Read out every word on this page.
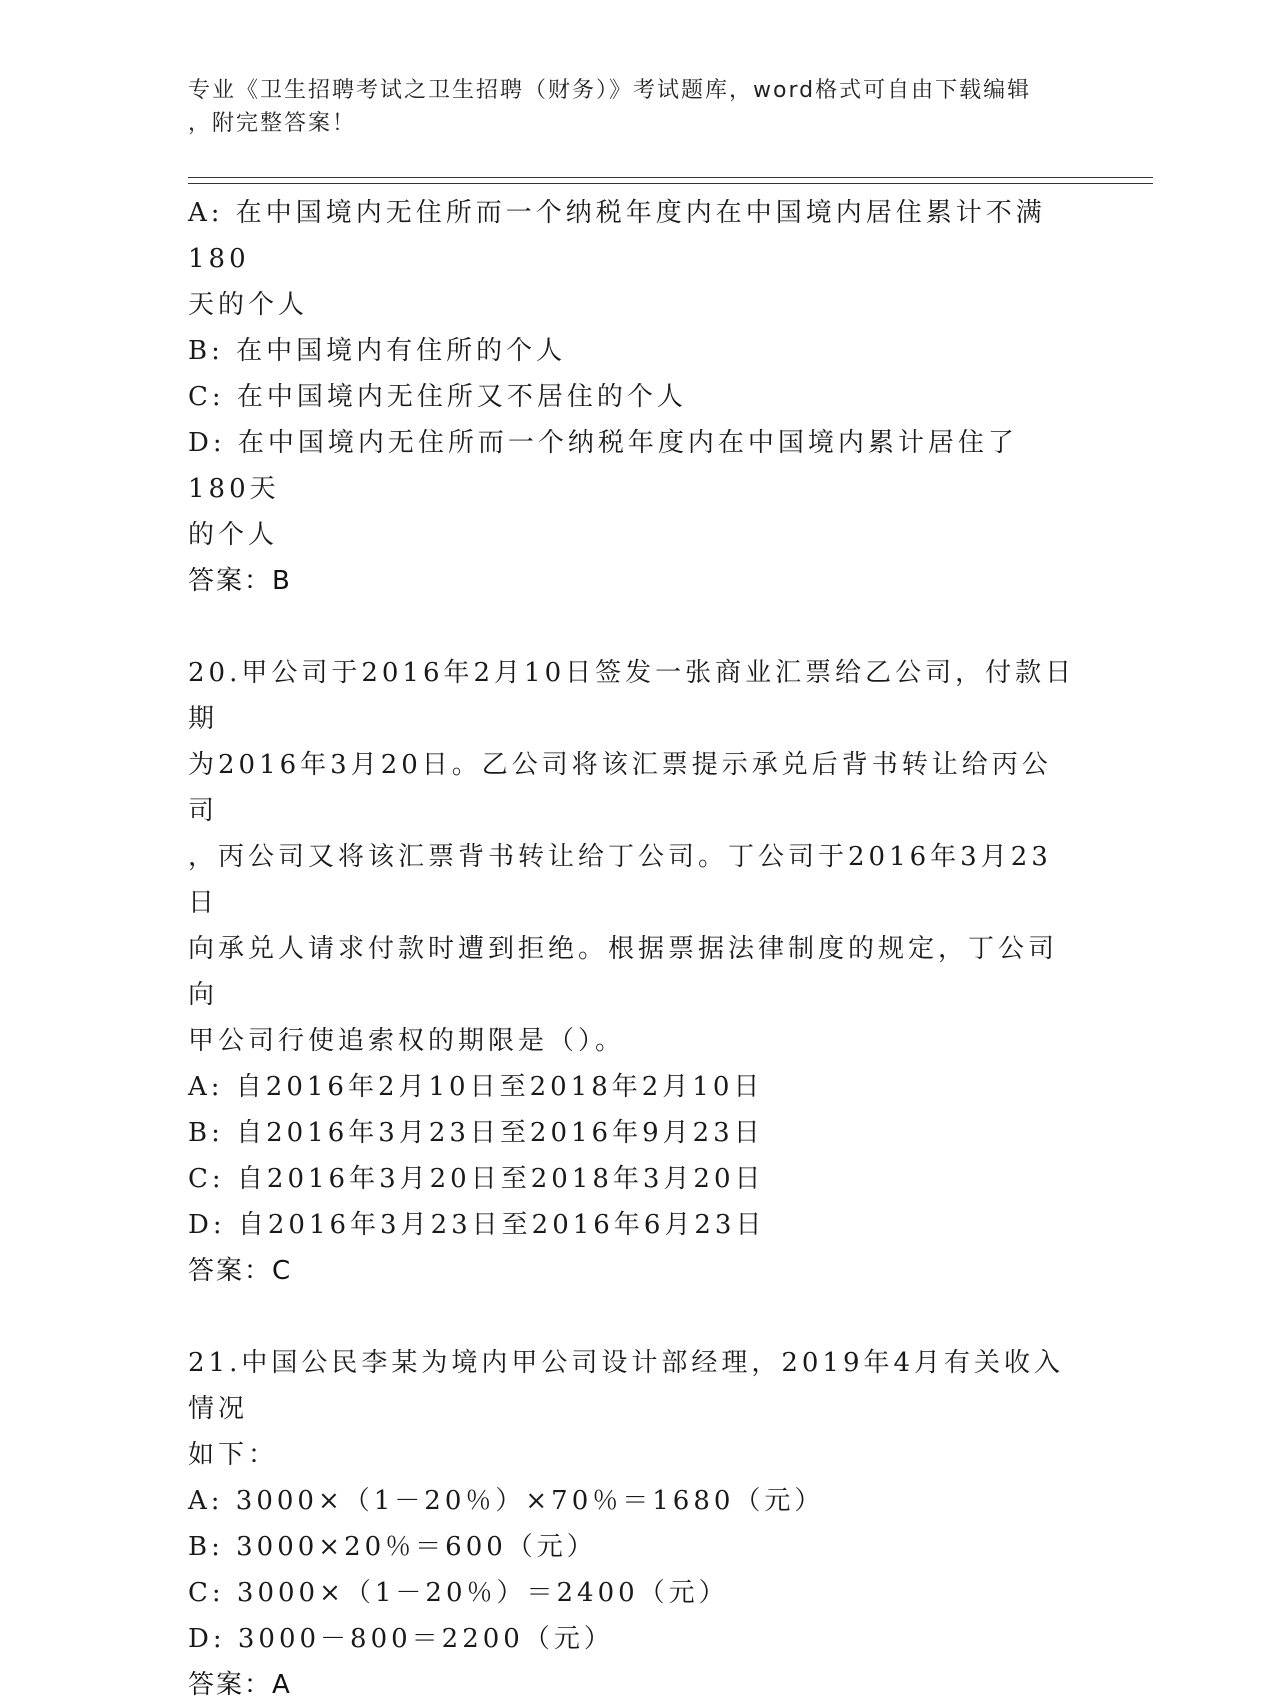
专业《卫生招聘考试之卫生招聘（财务）》考试题库，word格式可自由下载编辑
，附完整答案！
A: 在中国境内无住所而一个纳税年度内在中国境内居住累计不满180
天的个人
B: 在中国境内有住所的个人
C: 在中国境内无住所又不居住的个人
D: 在中国境内无住所而一个纳税年度内在中国境内累计居住了180天
的个人
答案：B
20.甲公司于2016年2月10日签发一张商业汇票给乙公司，付款日期
为2016年3月20日。乙公司将该汇票提示承兑后背书转让给丙公司
，丙公司又将该汇票背书转让给丁公司。丁公司于2016年3月23日
向承兑人请求付款时遭到拒绝。根据票据法律制度的规定，丁公司向
甲公司行使追索权的期限是（）。
A: 自2016年2月10日至2018年2月10日
B: 自2016年3月23日至2016年9月23日
C: 自2016年3月20日至2018年3月20日
D: 自2016年3月23日至2016年6月23日
答案：C
21.中国公民李某为境内甲公司设计部经理，2019年4月有关收入情况
如下：
A: 3000×（1－20％）×70％＝1680（元）
B: 3000×20％＝600（元）
C: 3000×（1－20％）＝2400（元）
D: 3000－800＝2200（元）
答案：A
